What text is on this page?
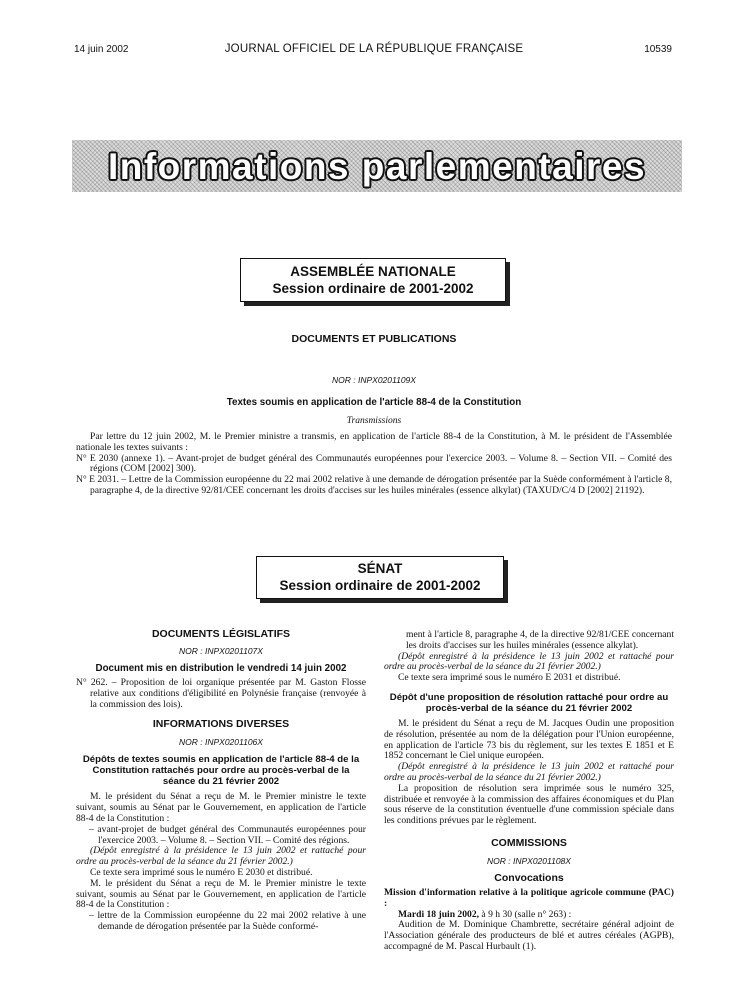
14 juin 2002	JOURNAL OFFICIEL DE LA RÉPUBLIQUE FRANÇAISE	10539
Informations parlementaires
ASSEMBLÉE NATIONALE
Session ordinaire de 2001-2002
DOCUMENTS ET PUBLICATIONS
NOR : INPX0201109X
Textes soumis en application de l'article 88-4 de la Constitution
Transmissions

Par lettre du 12 juin 2002, M. le Premier ministre a transmis, en application de l'article 88-4 de la Constitution, à M. le président de l'Assemblée nationale les textes suivants :

N° E 2030 (annexe 1). – Avant-projet de budget général des Communautés européennes pour l'exercice 2003. – Volume 8. – Section VII. – Comité des régions (COM [2002] 300).

N° E 2031. – Lettre de la Commission européenne du 22 mai 2002 relative à une demande de dérogation présentée par la Suède conformément à l'article 8, paragraphe 4, de la directive 92/81/CEE concernant les droits d'accises sur les huiles minérales (essence alkylat) (TAXUD/C/4 D [2002] 21192).

SÉNAT
Session ordinaire de 2001-2002
DOCUMENTS LÉGISLATIFS
NOR : INPX0201107X
Document mis en distribution le vendredi 14 juin 2002

N° 262. – Proposition de loi organique présentée par M. Gaston Flosse relative aux conditions d'éligibilité en Polynésie française (renvoyée à la commission des lois).

INFORMATIONS DIVERSES
NOR : INPX0201106X
Dépôts de textes soumis en application de l'article 88-4 de la Constitution rattachés pour ordre au procès-verbal de la séance du 21 février 2002

M. le président du Sénat a reçu de M. le Premier ministre le texte suivant, soumis au Sénat par le Gouvernement, en application de l'article 88-4 de la Constitution :

– avant-projet de budget général des Communautés européennes pour l'exercice 2003. – Volume 8. – Section VII. – Comité des régions.

(Dépôt enregistré à la présidence le 13 juin 2002 et rattaché pour ordre au procès-verbal de la séance du 21 février 2002.)

Ce texte sera imprimé sous le numéro E 2030 et distribué.

M. le président du Sénat a reçu de M. le Premier ministre le texte suivant, soumis au Sénat par le Gouvernement, en application de l'article 88-4 de la Constitution :

– lettre de la Commission européenne du 22 mai 2002 relative à une demande de dérogation présentée par la Suède conformé-

ment à l'article 8, paragraphe 4, de la directive 92/81/CEE concernant les droits d'accises sur les huiles minérales (essence alkylat).

(Dépôt enregistré à la présidence le 13 juin 2002 et rattaché pour ordre au procès-verbal de la séance du 21 février 2002.)

Ce texte sera imprimé sous le numéro E 2031 et distribué.

Dépôt d'une proposition de résolution rattaché pour ordre au procès-verbal de la séance du 21 février 2002

M. le président du Sénat a reçu de M. Jacques Oudin une proposition de résolution, présentée au nom de la délégation pour l'Union européenne, en application de l'article 73 bis du règlement, sur les textes E 1851 et E 1852 concernant le Ciel unique européen.

(Dépôt enregistré à la présidence le 13 juin 2002 et rattaché pour ordre au procès-verbal de la séance du 21 février 2002.)

La proposition de résolution sera imprimée sous le numéro 325, distribuée et renvoyée à la commission des affaires économiques et du Plan sous réserve de la constitution éventuelle d'une commission spéciale dans les conditions prévues par le règlement.

COMMISSIONS
NOR : INPX0201108X
Convocations

Mission d'information relative à la politique agricole commune (PAC) :

Mardi 18 juin 2002, à 9 h 30 (salle n° 263) :

Audition de M. Dominique Chambrette, secrétaire général adjoint de l'Association générale des producteurs de blé et autres céréales (AGPB), accompagné de M. Pascal Hurbault (1).
